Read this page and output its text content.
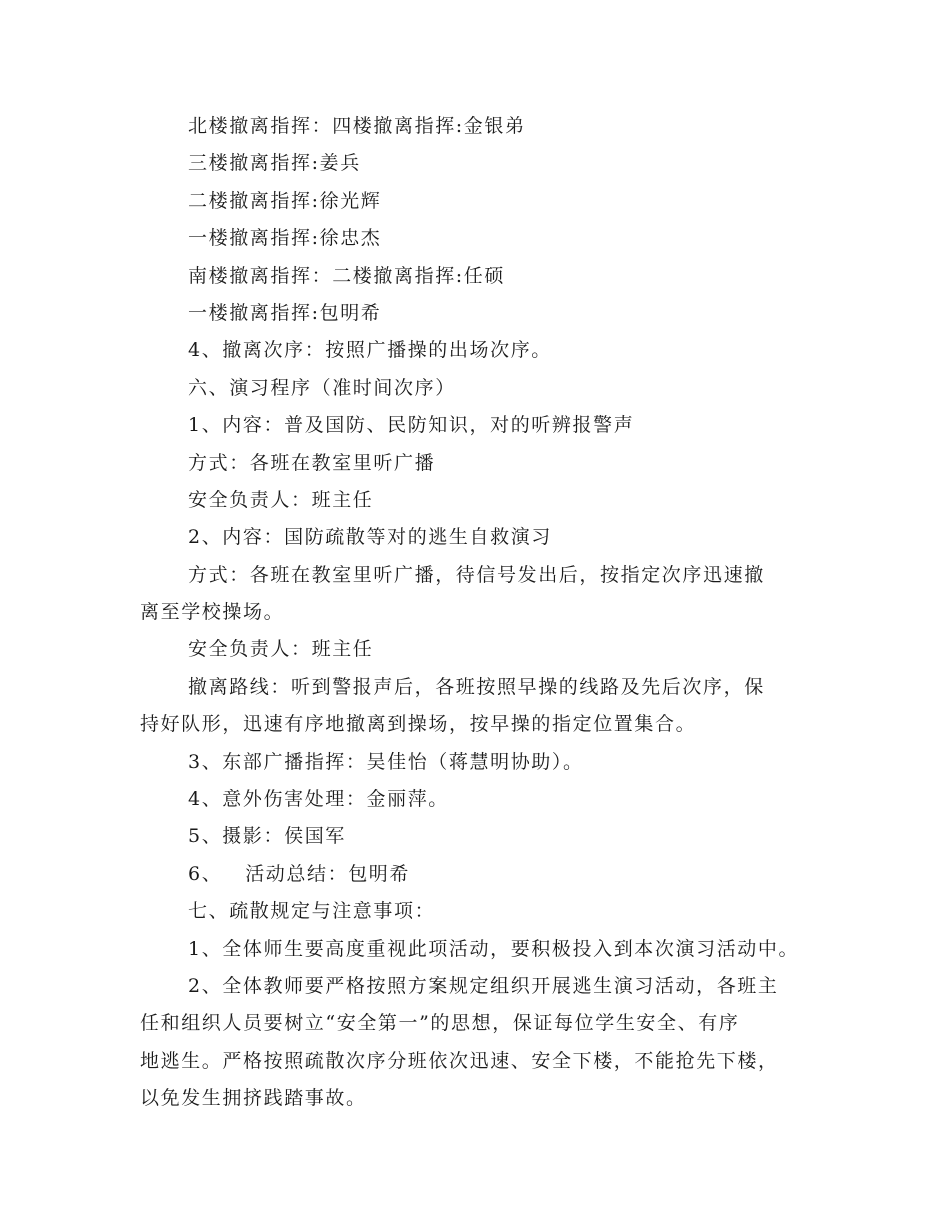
北楼撤离指挥：四楼撤离指挥:金银弟
三楼撤离指挥:姜兵
二楼撤离指挥:徐光辉
一楼撤离指挥:徐忠杰
南楼撤离指挥：二楼撤离指挥:任硕
一楼撤离指挥:包明希
4、撤离次序：按照广播操的出场次序。
六、演习程序（准时间次序）
1、内容：普及国防、民防知识，对的听辨报警声
方式：各班在教室里听广播
安全负责人：班主任
2、内容：国防疏散等对的逃生自救演习
方式：各班在教室里听广播，待信号发出后，按指定次序迅速撤
离至学校操场。
安全负责人：班主任
撤离路线：听到警报声后，各班按照早操的线路及先后次序，保
持好队形，迅速有序地撤离到操场，按早操的指定位置集合。
3、东部广播指挥：吴佳怡（蒋慧明协助）。
4、意外伤害处理：金丽萍。
5、摄影：侯国军
6、   活动总结：包明希
七、疏散规定与注意事项：
1、全体师生要高度重视此项活动，要积极投入到本次演习活动中。
2、全体教师要严格按照方案规定组织开展逃生演习活动，各班主
任和组织人员要树立“安全第一”的思想，保证每位学生安全、有序
地逃生。严格按照疏散次序分班依次迅速、安全下楼，不能抢先下楼，
以免发生拥挤践踏事故。
